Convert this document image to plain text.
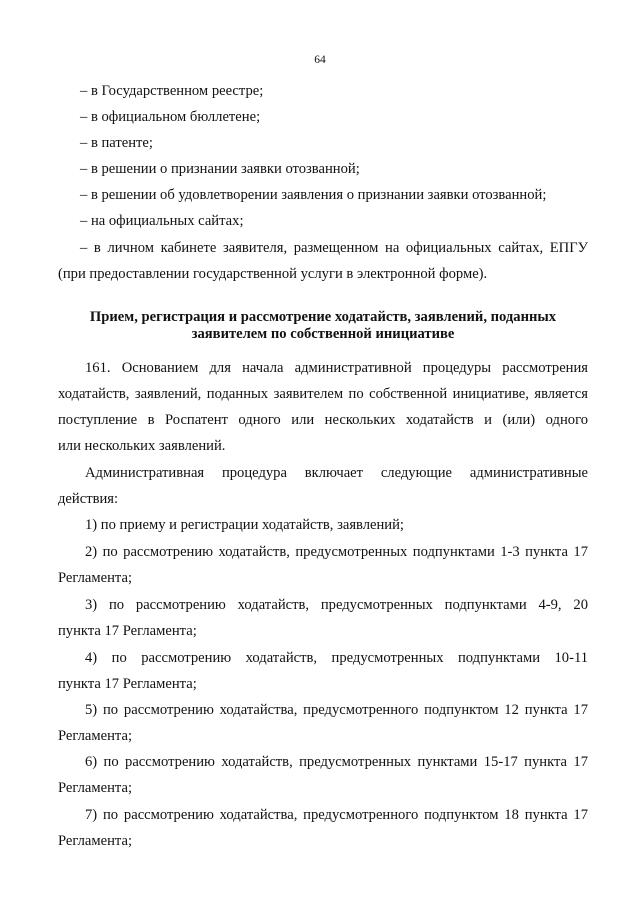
64
– в Государственном реестре;
– в официальном бюллетене;
– в патенте;
– в решении о признании заявки отозванной;
– в решении об удовлетворении заявления о признании заявки отозванной;
– на официальных сайтах;
– в личном кабинете заявителя, размещенном на официальных сайтах, ЕПГУ
(при предоставлении государственной услуги в электронной форме).
Прием, регистрация и рассмотрение ходатайств, заявлений, поданных
заявителем по собственной инициативе
161. Основанием для начала административной процедуры рассмотрения
ходатайств, заявлений, поданных заявителем по собственной инициативе, является
поступление в Роспатент одного или нескольких ходатайств и (или) одного
или нескольких заявлений.
Административная процедура включает следующие административные
действия:
1) по приему и регистрации ходатайств, заявлений;
2) по рассмотрению ходатайств, предусмотренных подпунктами 1-3 пункта 17
Регламента;
3) по рассмотрению ходатайств, предусмотренных подпунктами 4-9, 20
пункта 17 Регламента;
4) по рассмотрению ходатайств, предусмотренных подпунктами 10-11
пункта 17 Регламента;
5) по рассмотрению ходатайства, предусмотренного подпунктом 12 пункта 17
Регламента;
6) по рассмотрению ходатайств, предусмотренных пунктами 15-17 пункта 17
Регламента;
7) по рассмотрению ходатайства, предусмотренного подпунктом 18 пункта 17
Регламента;
